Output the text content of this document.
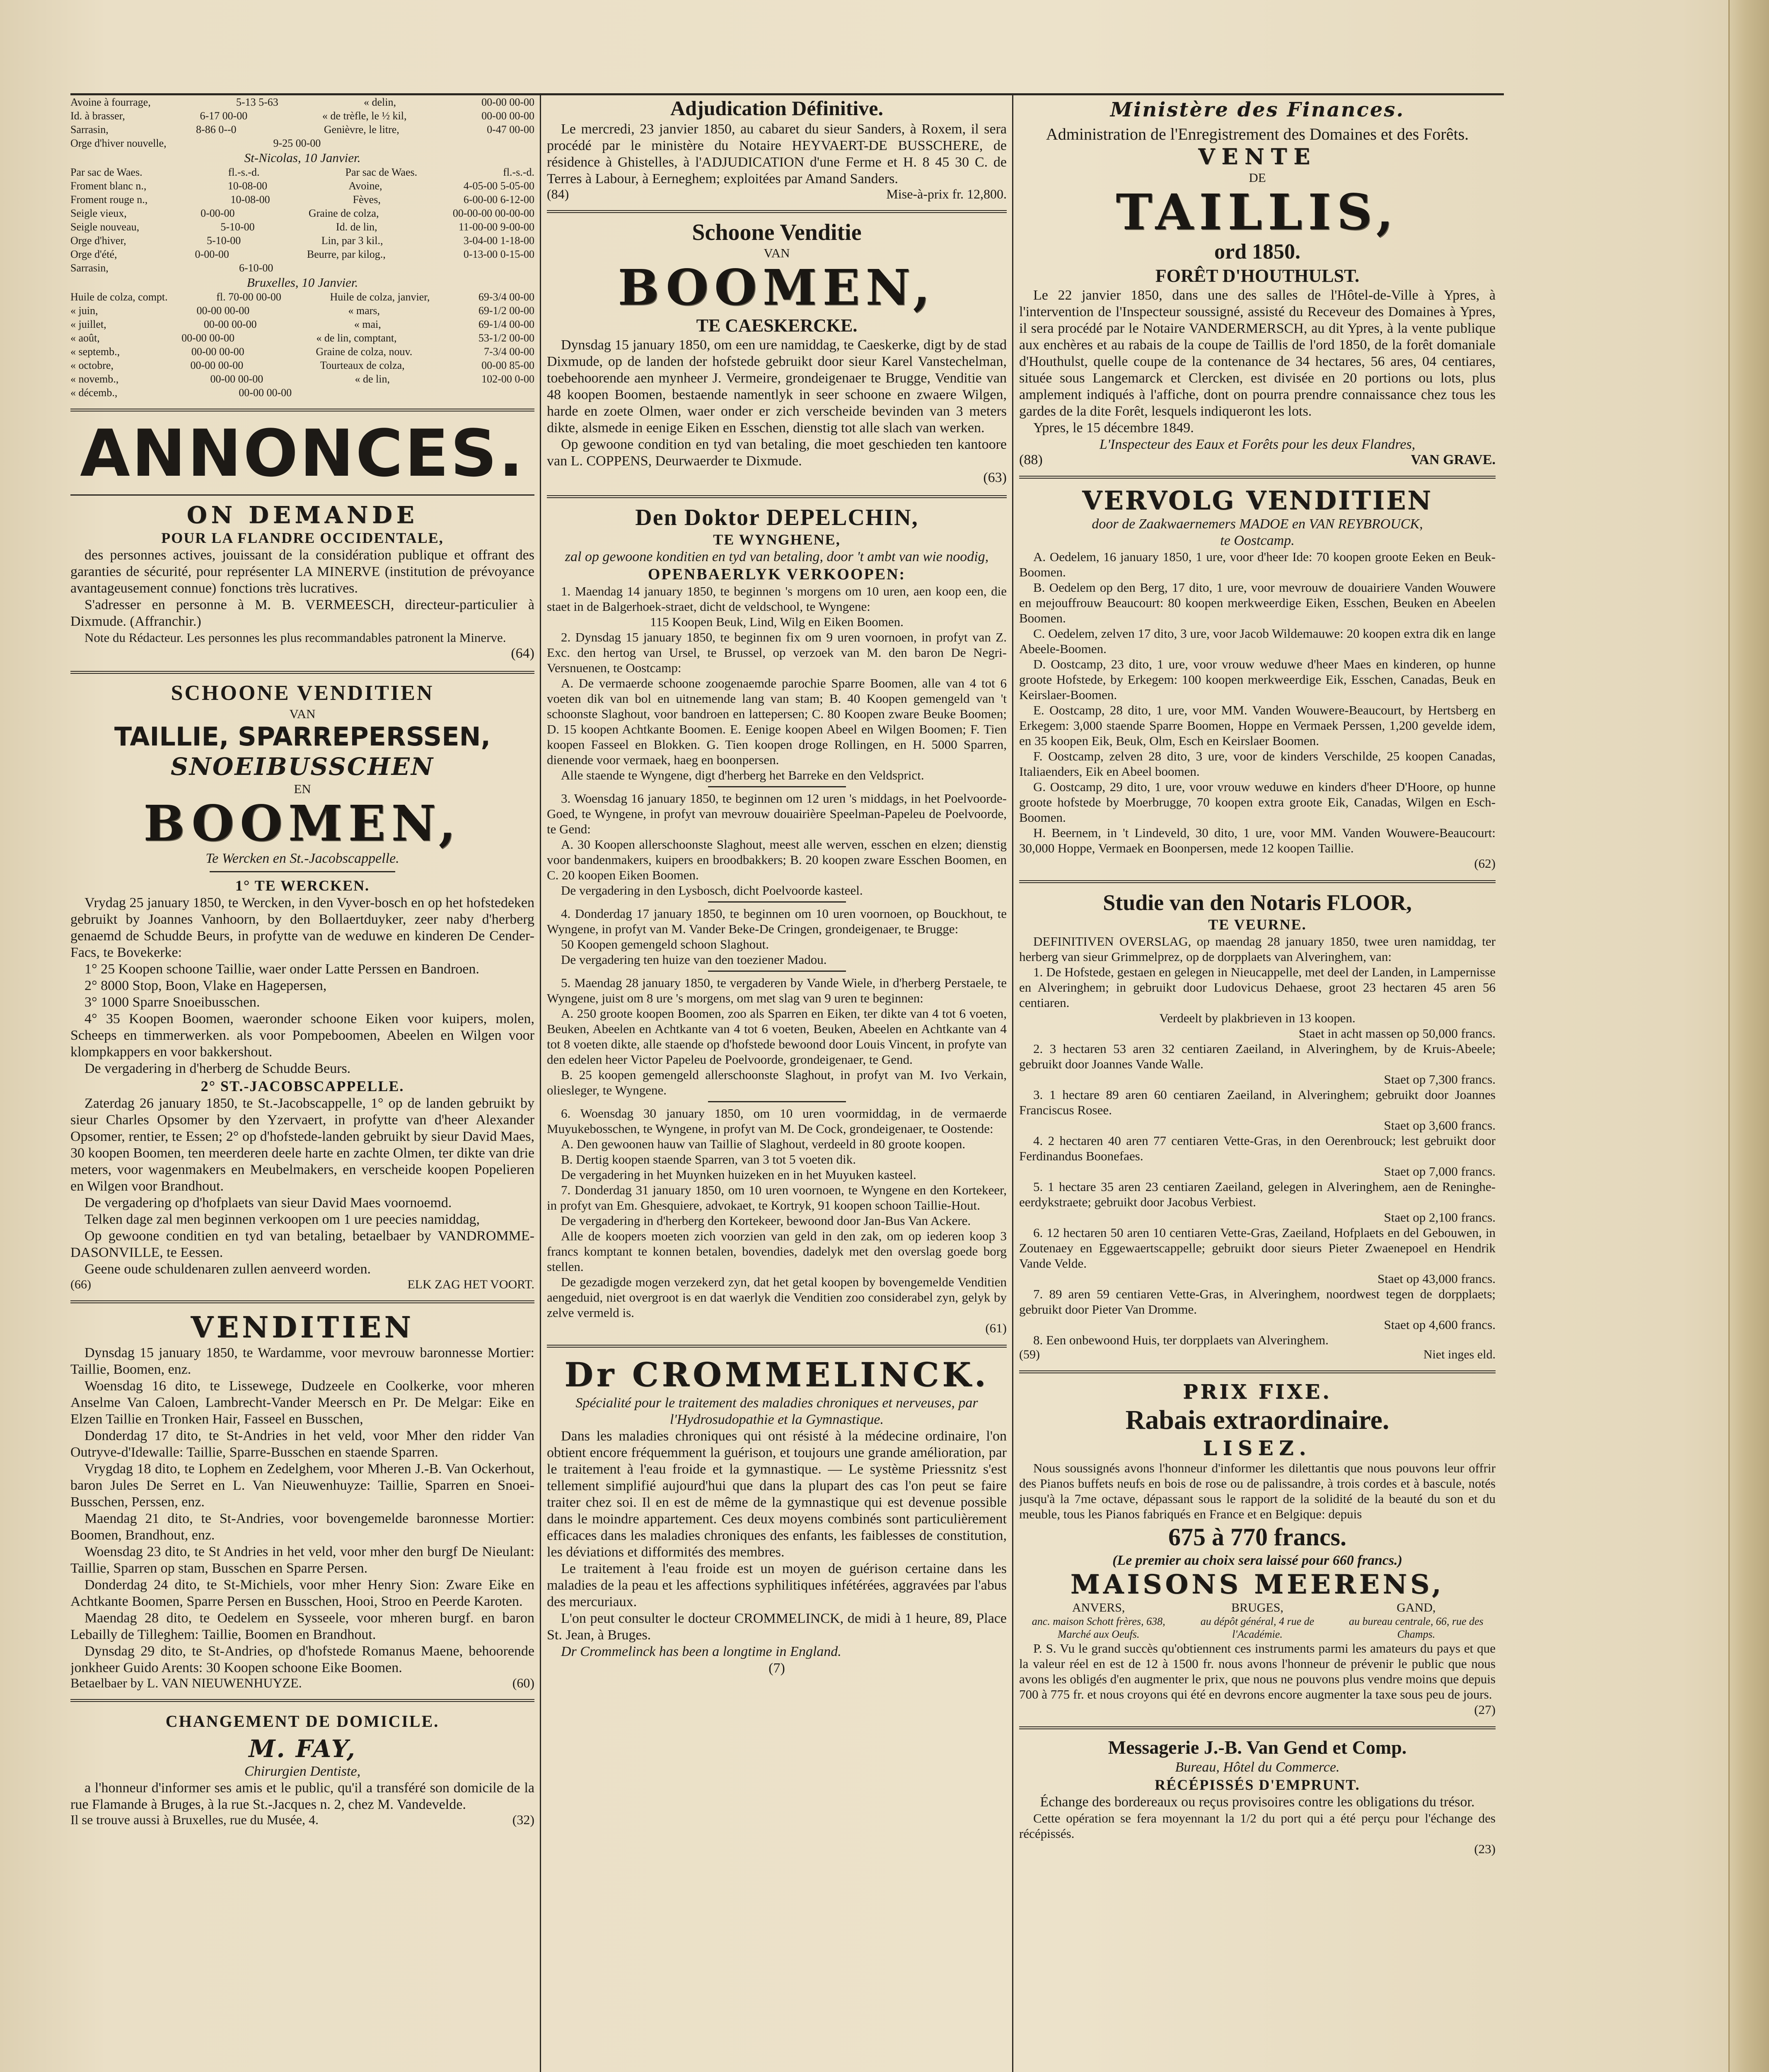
Avoine à fourrage,	5-13 5-63	« delin,	00-00 00-00
Id. à brasser,	6-17 00-00	« de trèfle, le ½ kil,	00-00 00-00
Sarrasin,	8-86 0--0	Genièvre, le litre,	0-47 00-00
Orge d'hiver nouvelle,	9-25 00-00
St-Nicolas, 10 Janvier.
Par sac de Waes.	fl.-s.-d.	Par sac de Waes.	fl.-s.-d.
Froment blanc n.,	10-08-00	Avoine,	4-05-00 5-05-00
Froment rouge n.,	10-08-00	Fèves,	6-00-00 6-12-00
Seigle vieux,	0-00-00	Graine de colza,	00-00-00 00-00-00
Seigle nouveau,	5-10-00	Id. de lin,	11-00-00 9-00-00
Orge d'hiver,	5-10-00	Lin, par 3 kil.,	3-04-00 1-18-00
Orge d'été,	0-00-00	Beurre, par kilog.,	0-13-00 0-15-00
Sarrasin,	6-10-00
Bruxelles, 10 Janvier.
Huile de colza, compt.	fl. 70-00 00-00	Huile de colza, janvier,	69-3/4 00-00
« juin,	00-00 00-00	« mars,	69-1/2 00-00
« juillet,	00-00 00-00	« mai,	69-1/4 00-00
« août,	00-00 00-00	« de lin, comptant,	53-1/2 00-00
« septemb.,	00-00 00-00	Graine de colza, nouv.	7-3/4 00-00
« octobre,	00-00 00-00	Tourteaux de colza,	00-00 85-00
« novemb.,	00-00 00-00	« de lin,	102-00 0-00
« décemb.,	00-00 00-00
ANNONCES.
ON DEMANDE
POUR LA FLANDRE OCCIDENTALE,
des personnes actives, jouissant de la considération publique et offrant des garanties de sécurité, pour représenter LA MINERVE (institution de prévoyance avantageusement connue) fonctions très lucratives.
S'adresser en personne à M. B. VERMEESCH, directeur-particulier à Dixmude. (Affranchir.)
Note du Rédacteur. Les personnes les plus recommandables patronent la Minerve.
(64)
SCHOONE VENDITIEN
VAN
TAILLIE, SPARREPERSSEN,
SNOEIBUSSCHEN
EN
BOOMEN,
Te Wercken en St.-Jacobscappelle.
1° TE WERCKEN.
Vrydag 25 january 1850, te Wercken, in den Vyver-bosch en op het hofstedeken gebruikt by Joannes Vanhoorn, by den Bollaertduyker, zeer naby d'herberg genaemd de Schudde Beurs, in profytte van de weduwe en kinderen De Cender-Facs, te Bovekerke:
1° 25 Koopen schoone Taillie, waer onder Latte Perssen en Bandroen.
2° 8000 Stop, Boon, Vlake en Hagepersen,
3° 1000 Sparre Snoeibusschen.
4° 35 Koopen Boomen, waeronder schoone Eiken voor kuipers, molen, Scheeps en timmerwerken. als voor Pompeboomen, Abeelen en Wilgen voor klompkappers en voor bakkershout.
De vergadering in d'herberg de Schudde Beurs.
2° ST.-JACOBSCAPPELLE.
Zaterdag 26 january 1850, te St.-Jacobscappelle, 1° op de landen gebruikt by sieur Charles Opsomer by den Yzervaert, in profytte van d'heer Alexander Opsomer, rentier, te Essen; 2° op d'hofstede-landen gebruikt by sieur David Maes, 30 koopen Boomen, ten meerderen deele harte en zachte Olmen, ter dikte van drie meters, voor wagenmakers en Meubelmakers, en verscheide koopen Popelieren en Wilgen voor Brandhout.
De vergadering op d'hofplaets van sieur David Maes voornoemd.
Telken dage zal men beginnen verkoopen om 1 ure peecies namiddag,
Op gewoone conditien en tyd van betaling, betaelbaer by VANDROMME-DASONVILLE, te Eessen.
Geene oude schuldenaren zullen aenveerd worden.
(66)	ELK ZAG HET VOORT.
VENDITIEN
Dynsdag 15 january 1850, te Wardamme, voor mevrouw baronnesse Mortier: Taillie, Boomen, enz.
Woensdag 16 dito, te Lissewege, Dudzeele en Coolkerke, voor mheren Anselme Van Caloen, Lambrecht-Vander Meersch en Pr. De Melgar: Eike en Elzen Taillie en Tronken Hair, Fasseel en Busschen,
Donderdag 17 dito, te St-Andries in het veld, voor Mher den ridder Van Outryve-d'Idewalle: Taillie, Sparre-Busschen en staende Sparren.
Vrygdag 18 dito, te Lophem en Zedelghem, voor Mheren J.-B. Van Ockerhout, baron Jules De Serret en L. Van Nieuwenhuyze: Taillie, Sparren en Snoei-Busschen, Perssen, enz.
Maendag 21 dito, te St-Andries, voor bovengemelde baronnesse Mortier: Boomen, Brandhout, enz.
Woensdag 23 dito, te St Andries in het veld, voor mher den burgf De Nieulant: Taillie, Sparren op stam, Busschen en Sparre Persen.
Donderdag 24 dito, te St-Michiels, voor mher Henry Sion: Zware Eike en Achtkante Boomen, Sparre Persen en Busschen, Hooi, Stroo en Peerde Karoten.
Maendag 28 dito, te Oedelem en Sysseele, voor mheren burgf. en baron Lebailly de Tilleghem: Taillie, Boomen en Brandhout.
Dynsdag 29 dito, te St-Andries, op d'hofstede Romanus Maene, behoorende jonkheer Guido Arents: 30 Koopen schoone Eike Boomen.
Betaelbaer by L. VAN NIEUWENHUYZE.	(60)
CHANGEMENT DE DOMICILE.
M. FAY,
Chirurgien Dentiste,
a l'honneur d'informer ses amis et le public, qu'il a transféré son domicile de la rue Flamande à Bruges, à la rue St.-Jacques n. 2, chez M. Vandevelde.
Il se trouve aussi à Bruxelles, rue du Musée, 4.	(32)
Adjudication Définitive.
Le mercredi, 23 janvier 1850, au cabaret du sieur Sanders, à Roxem, il sera procédé par le ministère du Notaire HEYVAERT-DE BUSSCHERE, de résidence à Ghistelles, à l'ADJUDICATION d'une Ferme et H. 8 45 30 C. de Terres à Labour, à Eerneghem; exploitées par Amand Sanders.
(84)	Mise-à-prix fr. 12,800.
Schoone Venditie
VAN
BOOMEN,
TE CAESKERCKE.
Dynsdag 15 january 1850, om een ure namiddag, te Caeskerke, digt by de stad Dixmude, op de landen der hofstede gebruikt door sieur Karel Vanstechelman, toebehoorende aen mynheer J. Vermeire, grondeigenaer te Brugge, Venditie van 48 koopen Boomen, bestaende namentlyk in seer schoone en zwaere Wilgen, harde en zoete Olmen, waer onder er zich verscheide bevinden van 3 meters dikte, alsmede in eenige Eiken en Esschen, dienstig tot alle slach van werken.
Op gewoone condition en tyd van betaling, die moet geschieden ten kantoore van L. COPPENS, Deurwaerder te Dixmude.
(63)
Den Doktor DEPELCHIN,
TE WYNGHENE,
zal op gewoone konditien en tyd van betaling, door 't ambt van wie noodig,
OPENBAERLYK VERKOOPEN:
1. Maendag 14 january 1850, te beginnen 's morgens om 10 uren, aen koop een, die staet in de Balgerhoek-straet, dicht de veldschool, te Wyngene:
115 Koopen Beuk, Lind, Wilg en Eiken Boomen.
2. Dynsdag 15 january 1850, te beginnen fix om 9 uren voornoen, in profyt van Z. Exc. den hertog van Ursel, te Brussel, op verzoek van M. den baron De Negri-Versnuenen, te Oostcamp:
A. De vermaerde schoone zoogenaemde parochie Sparre Boomen, alle van 4 tot 6 voeten dik van bol en uitnemende lang van stam; B. 40 Koopen gemengeld van 't schoonste Slaghout, voor bandroen en lattepersen; C. 80 Koopen zware Beuke Boomen; D. 15 koopen Achtkante Boomen. E. Eenige koopen Abeel en Wilgen Boomen; F. Tien koopen Fasseel en Blokken. G. Tien koopen droge Rollingen, en H. 5000 Sparren, dienende voor vermaek, haeg en boonpersen.
Alle staende te Wyngene, digt d'herberg het Barreke en den Veldsprict.
3. Woensdag 16 january 1850, te beginnen om 12 uren 's middags, in het Poelvoorde-Goed, te Wyngene, in profyt van mevrouw douairière Speelman-Papeleu de Poelvoorde, te Gend:
A. 30 Koopen allerschoonste Slaghout, meest alle werven, esschen en elzen; dienstig voor bandenmakers, kuipers en broodbakkers; B. 20 koopen zware Esschen Boomen, en C. 20 koopen Eiken Boomen.
De vergadering in den Lysbosch, dicht Poelvoorde kasteel.
4. Donderdag 17 january 1850, te beginnen om 10 uren voornoen, op Bouckhout, te Wyngene, in profyt van M. Vander Beke-De Cringen, grondeigenaer, te Brugge:
50 Koopen gemengeld schoon Slaghout.
De vergadering ten huize van den toeziener Madou.
5. Maendag 28 january 1850, te vergaderen by Vande Wiele, in d'herberg Perstaele, te Wyngene, juist om 8 ure 's morgens, om met slag van 9 uren te beginnen:
A. 250 groote koopen Boomen, zoo als Sparren en Eiken, ter dikte van 4 tot 6 voeten, Beuken, Abeelen en Achtkante van 4 tot 6 voeten, Beuken, Abeelen en Achtkante van 4 tot 8 voeten dikte, alle staende op d'hofstede bewoond door Louis Vincent, in profyte van den edelen heer Victor Papeleu de Poelvoorde, grondeigenaer, te Gend.
B. 25 koopen gemengeld allerschoonste Slaghout, in profyt van M. Ivo Verkain, oliesleger, te Wyngene.
6. Woensdag 30 january 1850, om 10 uren voormiddag, in de vermaerde Muyukebosschen, te Wyngene, in profyt van M. De Cock, grondeigenaer, te Oostende:
A. Den gewoonen hauw van Taillie of Slaghout, verdeeld in 80 groote koopen.
B. Dertig koopen staende Sparren, van 3 tot 5 voeten dik.
De vergadering in het Muynken huizeken en in het Muyuken kasteel.
7. Donderdag 31 january 1850, om 10 uren voornoen, te Wyngene en den Kortekeer, in profyt van Em. Ghesquiere, advokaet, te Kortryk, 91 koopen schoon Taillie-Hout.
De vergadering in d'herberg den Kortekeer, bewoond door Jan-Bus Van Ackere.
Alle de koopers moeten zich voorzien van geld in den zak, om op iederen koop 3 francs komptant te konnen betalen, bovendies, dadelyk met den overslag goede borg stellen.
De gezadigde mogen verzekerd zyn, dat het getal koopen by bovengemelde Venditien aengeduid, niet overgroot is en dat waerlyk die Venditien zoo considerabel zyn, gelyk by zelve vermeld is.
(61)
Dr CROMMELINCK.
Spécialité pour le traitement des maladies chroniques et nerveuses, par l'Hydrosudopathie et la Gymnastique.
Dans les maladies chroniques qui ont résisté à la médecine ordinaire, l'on obtient encore fréquemment la guérison, et toujours une grande amélioration, par le traitement à l'eau froide et la gymnastique. — Le système Priessnitz s'est tellement simplifié aujourd'hui que dans la plupart des cas l'on peut se faire traiter chez soi. Il en est de même de la gymnastique qui est devenue possible dans le moindre appartement. Ces deux moyens combinés sont particulièrement efficaces dans les maladies chroniques des enfants, les faiblesses de constitution, les déviations et difformités des membres.
Le traitement à l'eau froide est un moyen de guérison certaine dans les maladies de la peau et les affections syphilitiques infétérées, aggravées par l'abus des mercuriaux.
L'on peut consulter le docteur CROMMELINCK, de midi à 1 heure, 89, Place St. Jean, à Bruges.
Dr Crommelinck has been a longtime in England.
(7)
Ministère des Finances.
Administration de l'Enregistrement des Domaines et des Forêts.
VENTE
DE
TAILLIS,
ord 1850.
FORÊT D'HOUTHULST.
Le 22 janvier 1850, dans une des salles de l'Hôtel-de-Ville à Ypres, à l'intervention de l'Inspecteur soussigné, assisté du Receveur des Domaines à Ypres, il sera procédé par le Notaire VANDERMERSCH, au dit Ypres, à la vente publique aux enchères et au rabais de la coupe de Taillis de l'ord 1850, de la forêt domaniale d'Houthulst, quelle coupe de la contenance de 34 hectares, 56 ares, 04 centiares, située sous Langemarck et Clercken, est divisée en 20 portions ou lots, plus amplement indiqués à l'affiche, dont on pourra prendre connaissance chez tous les gardes de la dite Forêt, lesquels indiqueront les lots.
Ypres, le 15 décembre 1849.
L'Inspecteur des Eaux et Forêts pour les deux Flandres,
(88)	VAN GRAVE.
VERVOLG VENDITIEN
door de Zaakwaernemers MADOE en VAN REYBROUCK,
te Oostcamp.
A. Oedelem, 16 january 1850, 1 ure, voor d'heer Ide: 70 koopen groote Eeken en Beuk-Boomen.
B. Oedelem op den Berg, 17 dito, 1 ure, voor mevrouw de douairiere Vanden Wouwere en mejouffrouw Beaucourt: 80 koopen merkweerdige Eiken, Esschen, Beuken en Abeelen Boomen.
C. Oedelem, zelven 17 dito, 3 ure, voor Jacob Wildemauwe: 20 koopen extra dik en lange Abeele-Boomen.
D. Oostcamp, 23 dito, 1 ure, voor vrouw weduwe d'heer Maes en kinderen, op hunne groote Hofstede, by Erkegem: 100 koopen merkweerdige Eik, Esschen, Canadas, Beuk en Keirslaer-Boomen.
E. Oostcamp, 28 dito, 1 ure, voor MM. Vanden Wouwere-Beaucourt, by Hertsberg en Erkegem: 3,000 staende Sparre Boomen, Hoppe en Vermaek Perssen, 1,200 gevelde idem, en 35 koopen Eik, Beuk, Olm, Esch en Keirslaer Boomen.
F. Oostcamp, zelven 28 dito, 3 ure, voor de kinders Verschilde, 25 koopen Canadas, Italiaenders, Eik en Abeel boomen.
G. Oostcamp, 29 dito, 1 ure, voor vrouw weduwe en kinders d'heer D'Hoore, op hunne groote hofstede by Moerbrugge, 70 koopen extra groote Eik, Canadas, Wilgen en Esch-Boomen.
H. Beernem, in 't Lindeveld, 30 dito, 1 ure, voor MM. Vanden Wouwere-Beaucourt: 30,000 Hoppe, Vermaek en Boonpersen, mede 12 koopen Taillie.
(62)
Studie van den Notaris FLOOR,
TE VEURNE.
DEFINITIVEN OVERSLAG, op maendag 28 january 1850, twee uren namiddag, ter herberg van sieur Grimmelprez, op de dorpplaets van Alveringhem, van:
1. De Hofstede, gestaen en gelegen in Nieucappelle, met deel der Landen, in Lampernisse en Alveringhem; in gebruikt door Ludovicus Dehaese, groot 23 hectaren 45 aren 56 centiaren.
Verdeelt by plakbrieven in 13 koopen.
Staet in acht massen op 50,000 francs.
2. 3 hectaren 53 aren 32 centiaren Zaeiland, in Alveringhem, by de Kruis-Abeele; gebruikt door Joannes Vande Walle.
Staet op 7,300 francs.
3. 1 hectare 89 aren 60 centiaren Zaeiland, in Alveringhem; gebruikt door Joannes Franciscus Rosee.
Staet op 3,600 francs.
4. 2 hectaren 40 aren 77 centiaren Vette-Gras, in den Oerenbrouck; lest gebruikt door Ferdinandus Boonefaes.
Staet op 7,000 francs.
5. 1 hectare 35 aren 23 centiaren Zaeiland, gelegen in Alveringhem, aen de Reninghe-eerdykstraete; gebruikt door Jacobus Verbiest.
Staet op 2,100 francs.
6. 12 hectaren 50 aren 10 centiaren Vette-Gras, Zaeiland, Hofplaets en del Gebouwen, in Zoutenaey en Eggewaertscappelle; gebruikt door sieurs Pieter Zwaenepoel en Hendrik Vande Velde.
Staet op 43,000 francs.
7. 89 aren 59 centiaren Vette-Gras, in Alveringhem, noordwest tegen de dorpplaets; gebruikt door Pieter Van Dromme.
Staet op 4,600 francs.
8. Een onbewoond Huis, ter dorpplaets van Alveringhem.
(59)	Niet inges eld.
PRIX FIXE.
Rabais extraordinaire.
LISEZ.
Nous soussignés avons l'honneur d'informer les dilettantis que nous pouvons leur offrir des Pianos buffets neufs en bois de rose ou de palissandre, à trois cordes et à bascule, notés jusqu'à la 7me octave, dépassant sous le rapport de la solidité de la beauté du son et du meuble, tous les Pianos fabriqués en France et en Belgique: depuis
675 à 770 francs.
(Le premier au choix sera laissé pour 660 francs.)
MAISONS MEERENS,
ANVERS,	BRUGES,	GAND,
anc. maison Schott frères, 638, Marché aux Oeufs.
au dépôt général, 4 rue de l'Académie.
au bureau centrale, 66, rue des Champs.
P. S. Vu le grand succès qu'obtiennent ces instruments parmi les amateurs du pays et que la valeur réel en est de 12 à 1500 fr. nous avons l'honneur de prévenir le public que nous avons les obligés d'en augmenter le prix, que nous ne pouvons plus vendre moins que depuis 700 à 775 fr. et nous croyons qui été en devrons encore augmenter la taxe sous peu de jours.
(27)
Messagerie J.-B. Van Gend et Comp.
Bureau, Hôtel du Commerce.
RÉCÉPISSÉS D'EMPRUNT.
Échange des bordereaux ou reçus provisoires contre les obligations du trésor.
Cette opération se fera moyennant la 1/2 du port qui a été perçu pour l'échange des récépissés.
(23)
